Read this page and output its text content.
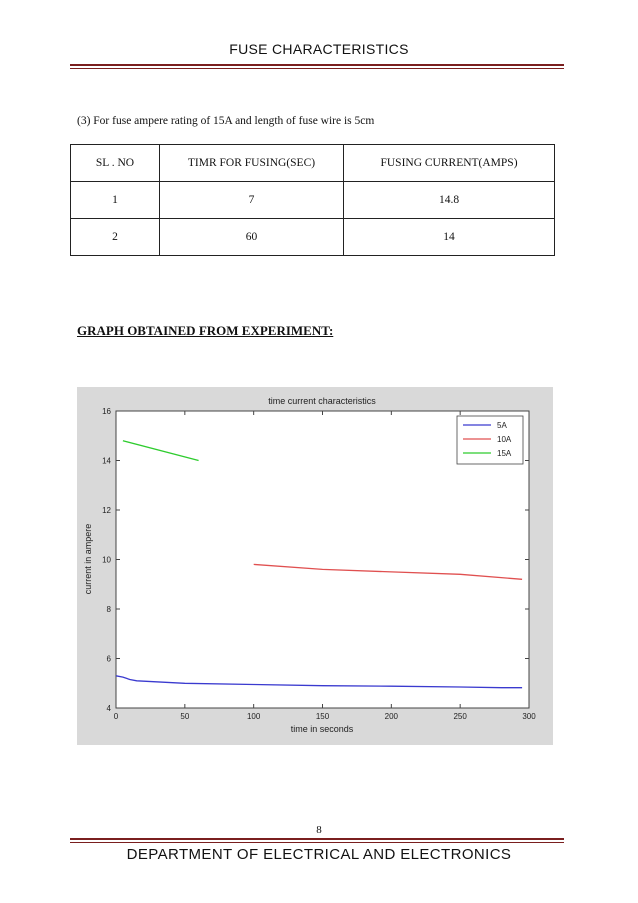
FUSE CHARACTERISTICS
(3) For fuse ampere rating of 15A and length of fuse wire is 5cm
SL . NO	TIMR FOR FUSING(SEC)	FUSING CURRENT(AMPS)
1	7	14.8
2	60	14
GRAPH OBTAINED FROM EXPERIMENT:
time current characteristics
time in seconds
current in ampere
0	50	100	150	200	250	300
4
6
8
10
12
14
16
5A
10A
15A
8
DEPARTMENT OF ELECTRICAL AND ELECTRONICS
